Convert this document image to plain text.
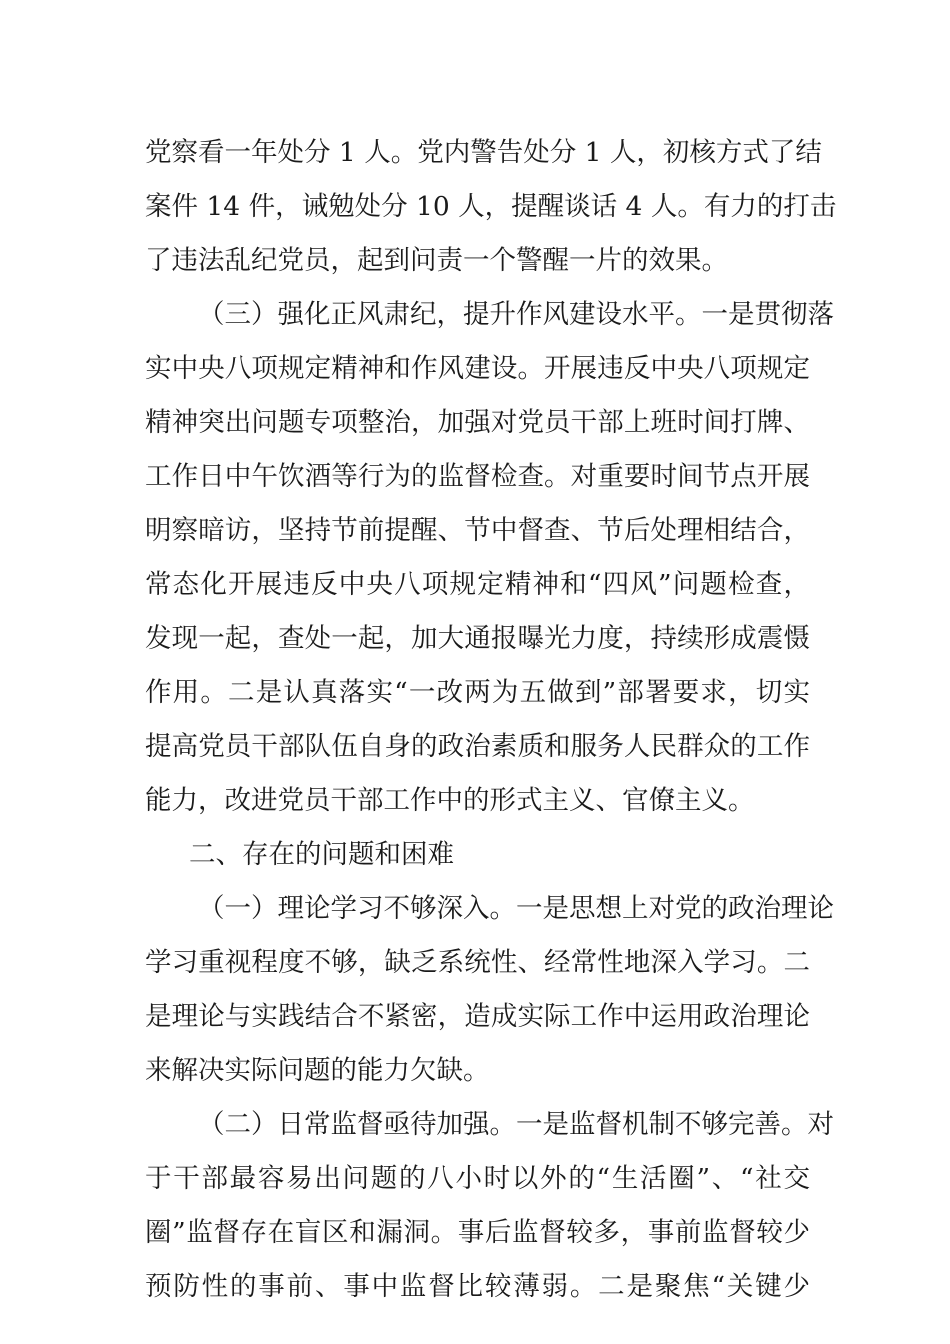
党察看一年处分 1 人。党内警告处分 1 人，初核方式了结
案件 14 件，诫勉处分 10 人，提醒谈话 4 人。有力的打击
了违法乱纪党员，起到问责一个警醒一片的效果。
（三）强化正风肃纪，提升作风建设水平。一是贯彻落
实中央八项规定精神和作风建设。开展违反中央八项规定
精神突出问题专项整治，加强对党员干部上班时间打牌、
工作日中午饮酒等行为的监督检查。对重要时间节点开展
明察暗访，坚持节前提醒、节中督查、节后处理相结合，
常态化开展违反中央八项规定精神和“四风”问题检查，
发现一起，查处一起，加大通报曝光力度，持续形成震慑
作用。二是认真落实“一改两为五做到”部署要求，切实
提高党员干部队伍自身的政治素质和服务人民群众的工作
能力，改进党员干部工作中的形式主义、官僚主义。
二、存在的问题和困难
（一）理论学习不够深入。一是思想上对党的政治理论
学习重视程度不够，缺乏系统性、经常性地深入学习。二
是理论与实践结合不紧密，造成实际工作中运用政治理论
来解决实际问题的能力欠缺。
（二）日常监督亟待加强。一是监督机制不够完善。对
于干部最容易出问题的八小时以外的“生活圈”、“社交
圈”监督存在盲区和漏洞。事后监督较多，事前监督较少
预防性的事前、事中监督比较薄弱。二是聚焦“关键少
